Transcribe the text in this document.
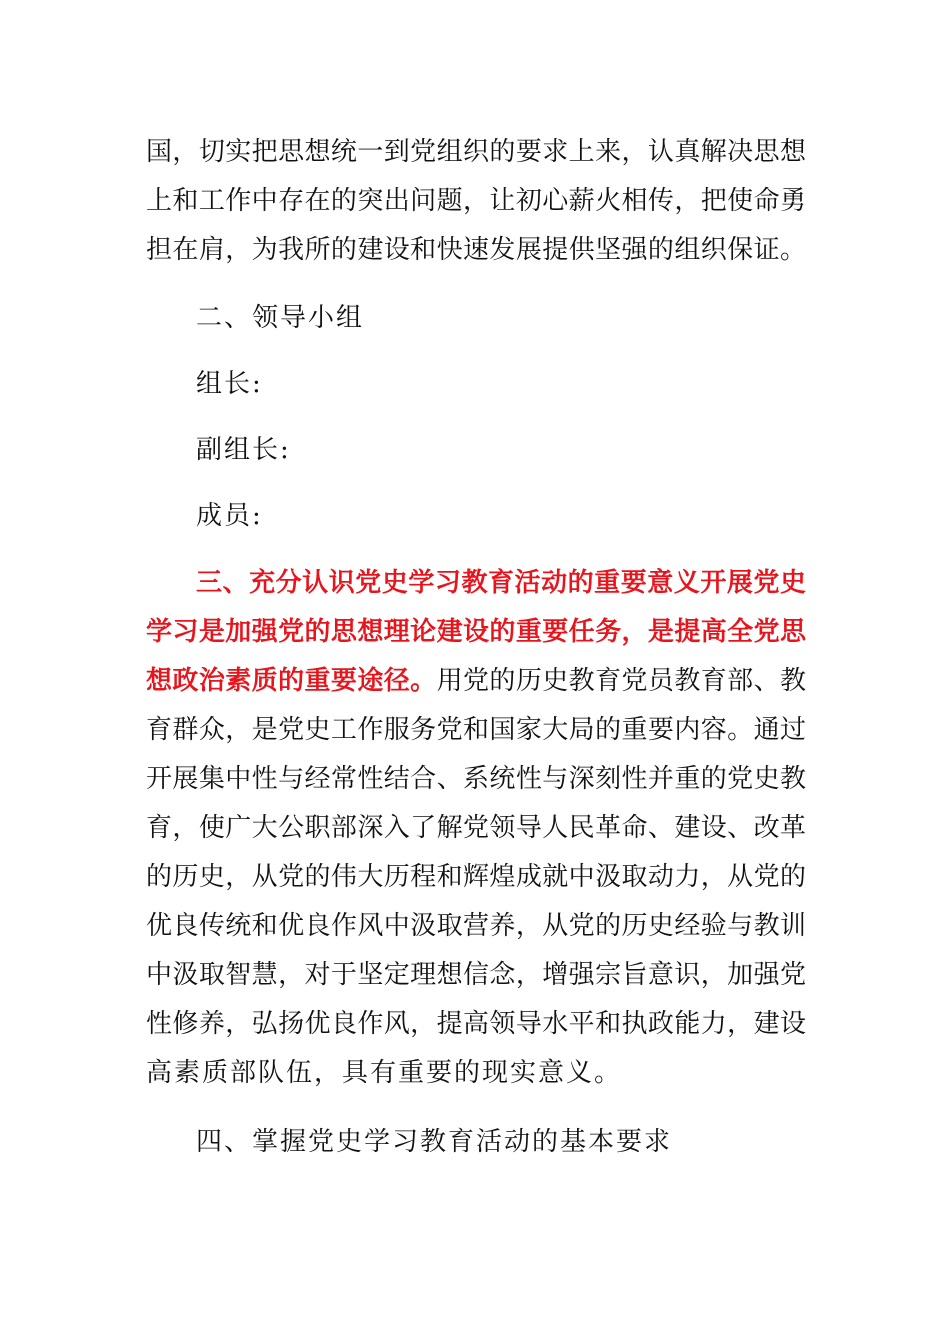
国，切实把思想统一到党组织的要求上来，认真解决思想
上和工作中存在的突出问题，让初心薪火相传，把使命勇
担在肩，为我所的建设和快速发展提供坚强的组织保证。
二、领导小组
组长:
副组长:
成员:
三、充分认识党史学习教育活动的重要意义开展党史
学习是加强党的思想理论建设的重要任务，是提高全党思
想政治素质的重要途径。用党的历史教育党员教育部、教
育群众，是党史工作服务党和国家大局的重要内容。通过
开展集中性与经常性结合、系统性与深刻性并重的党史教
育，使广大公职部深入了解党领导人民革命、建设、改革
的历史，从党的伟大历程和辉煌成就中汲取动力，从党的
优良传统和优良作风中汲取营养，从党的历史经验与教训
中汲取智慧，对于坚定理想信念，增强宗旨意识，加强党
性修养，弘扬优良作风，提高领导水平和执政能力，建设
高素质部队伍，具有重要的现实意义。
四、掌握党史学习教育活动的基本要求
